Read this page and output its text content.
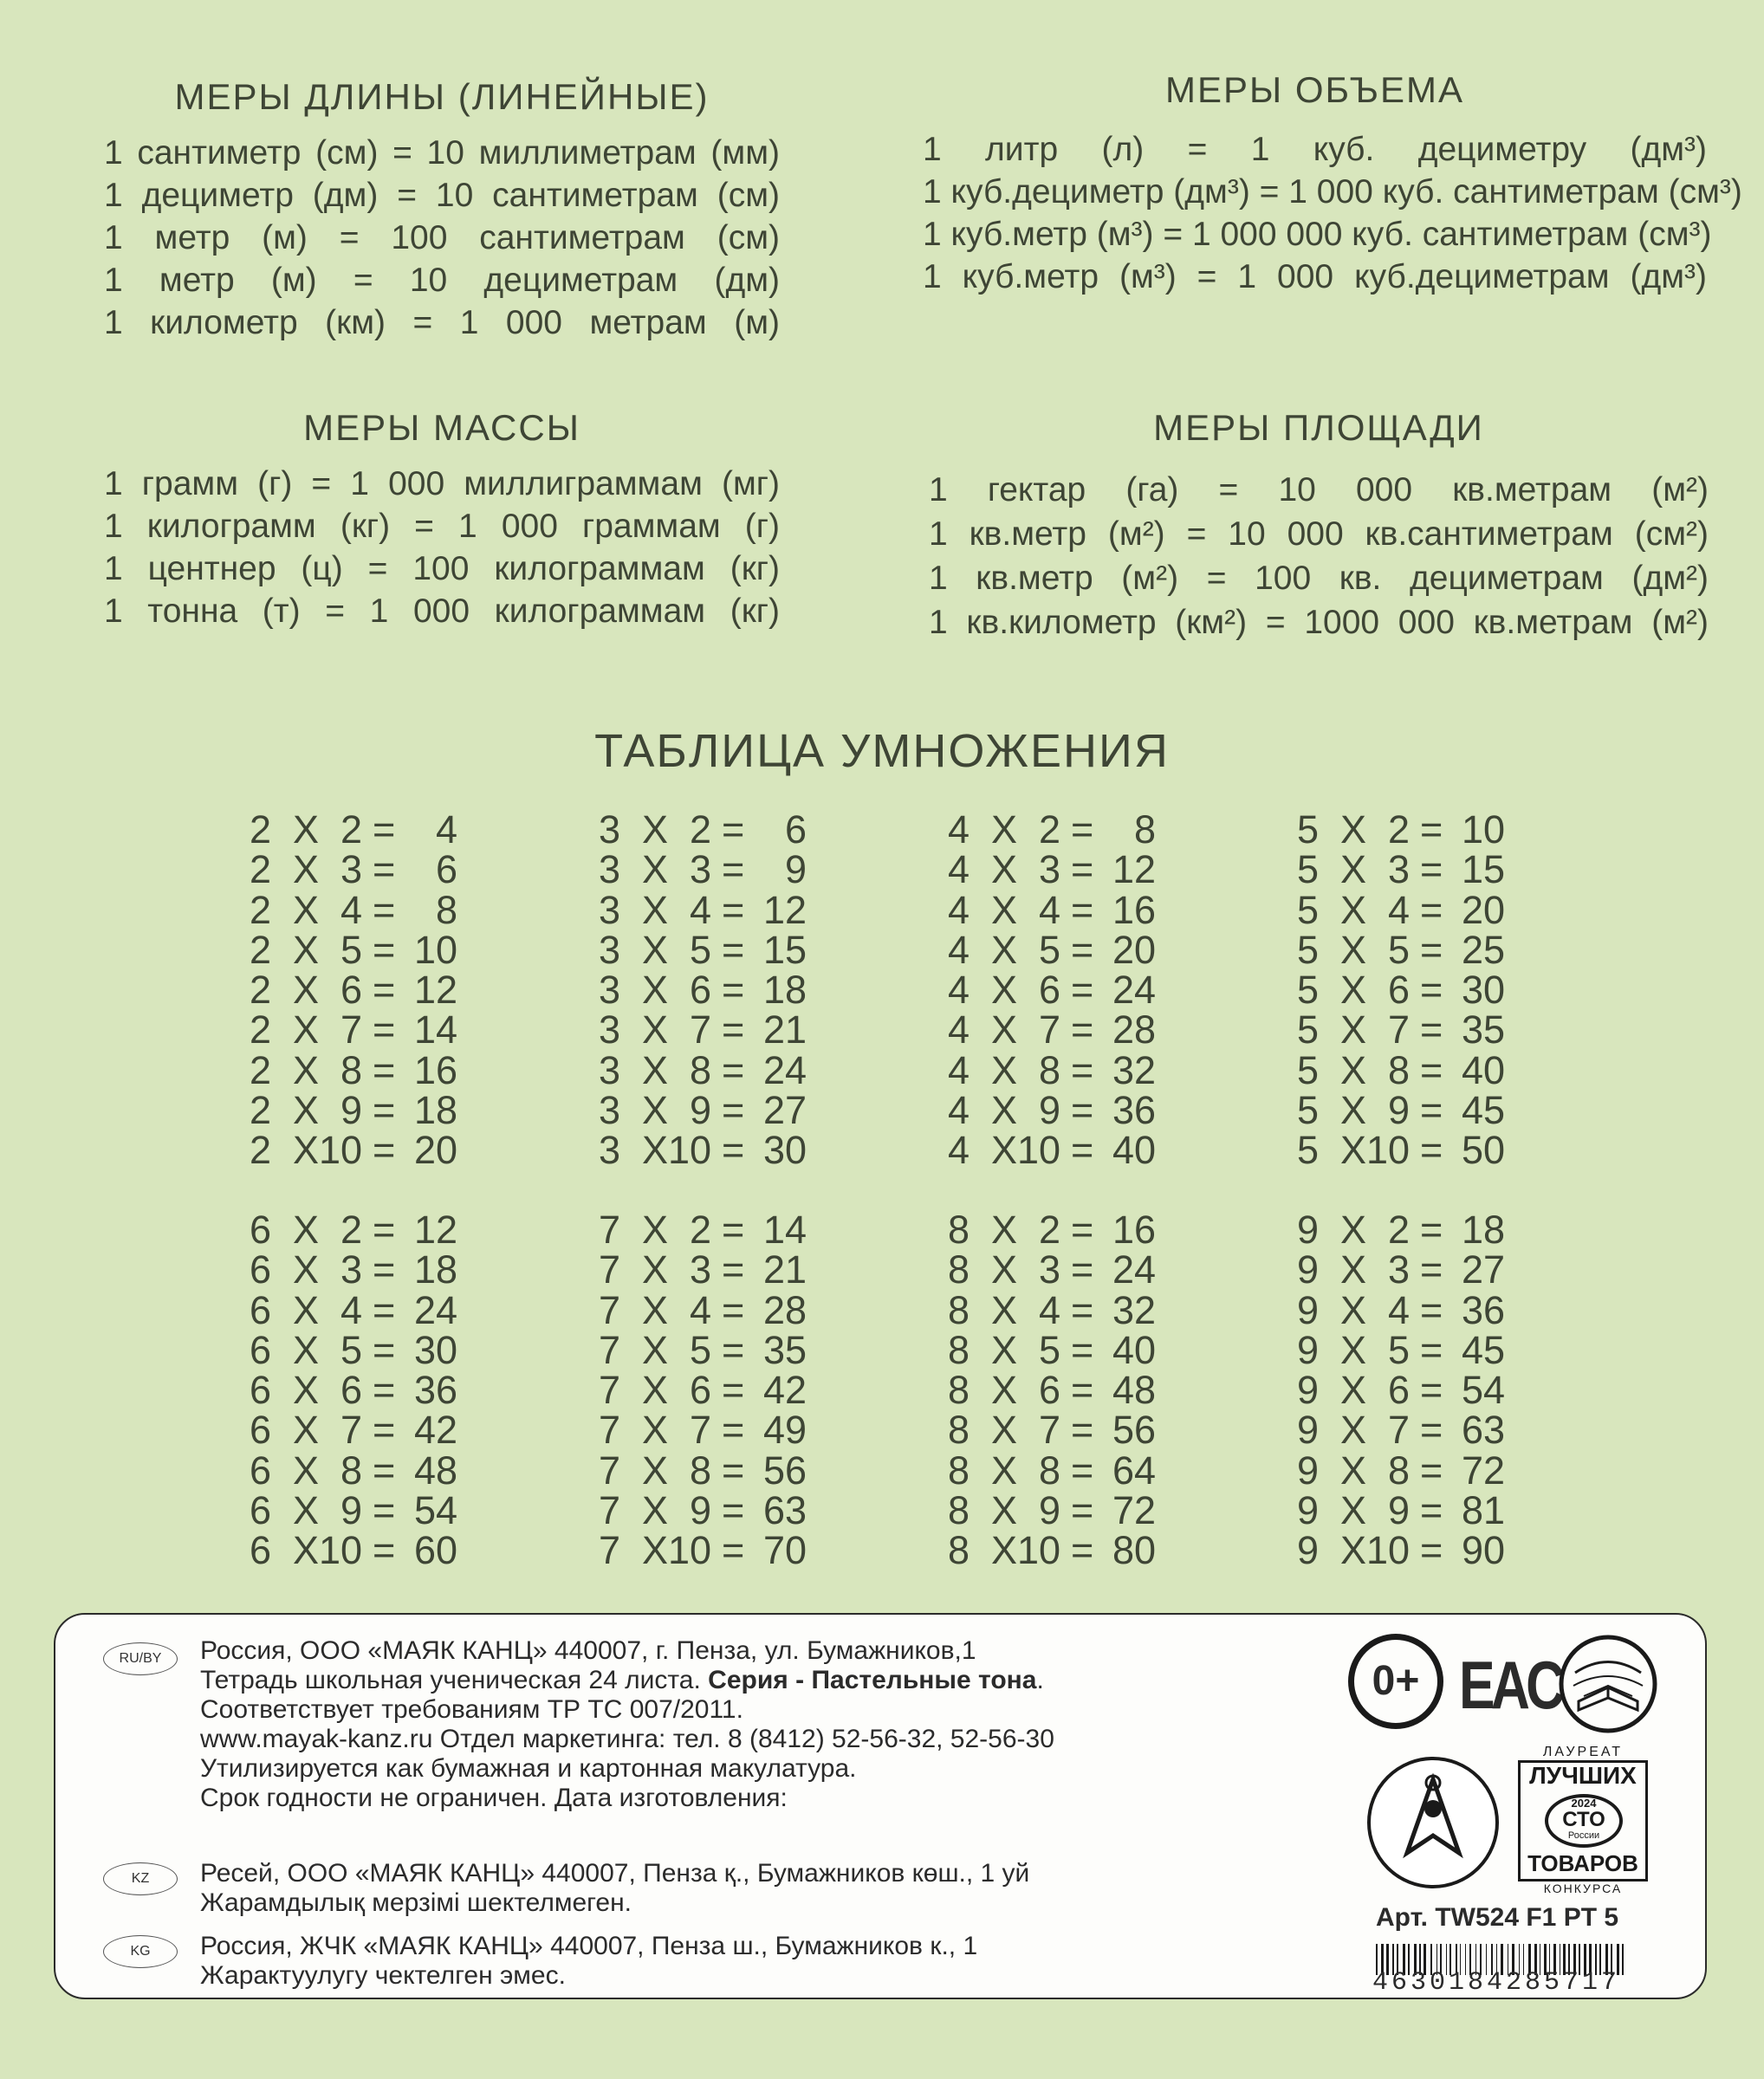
МЕРЫ ДЛИНЫ (ЛИНЕЙНЫЕ)
1 сантиметр (см) = 10 миллиметрам (мм)
1 дециметр (дм) = 10 сантиметрам (см)
1 метр (м) = 100 сантиметрам (см)
1 метр (м) = 10 дециметрам (дм)
1 километр (км) = 1 000 метрам (м)
МЕРЫ ОБЪЕМА
1 литр (л) = 1 куб. дециметру (дм³)
1 куб.дециметр (дм³) = 1 000 куб. сантиметрам (см³)
1 куб.метр (м³) = 1 000 000 куб. сантиметрам (см³)
1 куб.метр (м³) = 1 000 куб.дециметрам (дм³)
МЕРЫ МАССЫ
1 грамм (г) = 1 000 миллиграммам (мг)
1 килограмм (кг) = 1 000 граммам (г)
1 центнер (ц) = 100 килограммам (кг)
1 тонна (т) = 1 000 килограммам (кг)
МЕРЫ ПЛОЩАДИ
1 гектар (га) = 10 000 кв.метрам (м²)
1 кв.метр (м²) = 10 000 кв.сантиметрам (см²)
1 кв.метр (м²) = 100 кв. дециметрам (дм²)
1 кв.километр (км²) = 1000 000 кв.метрам (м²)
ТАБЛИЦА УМНОЖЕНИЯ
2 X 2 = 4
2 X 3 = 6
2 X 4 = 8
2 X 5 = 10
2 X 6 = 12
2 X 7 = 14
2 X 8 = 16
2 X 9 = 18
2 X 10 = 20
3 X 2 = 6
3 X 3 = 9
3 X 4 = 12
3 X 5 = 15
3 X 6 = 18
3 X 7 = 21
3 X 8 = 24
3 X 9 = 27
3 X 10 = 30
4 X 2 = 8
4 X 3 = 12
4 X 4 = 16
4 X 5 = 20
4 X 6 = 24
4 X 7 = 28
4 X 8 = 32
4 X 9 = 36
4 X 10 = 40
5 X 2 = 10
5 X 3 = 15
5 X 4 = 20
5 X 5 = 25
5 X 6 = 30
5 X 7 = 35
5 X 8 = 40
5 X 9 = 45
5 X 10 = 50
6 X 2 = 12
6 X 3 = 18
6 X 4 = 24
6 X 5 = 30
6 X 6 = 36
6 X 7 = 42
6 X 8 = 48
6 X 9 = 54
6 X 10 = 60
7 X 2 = 14
7 X 3 = 21
7 X 4 = 28
7 X 5 = 35
7 X 6 = 42
7 X 7 = 49
7 X 8 = 56
7 X 9 = 63
7 X 10 = 70
8 X 2 = 16
8 X 3 = 24
8 X 4 = 32
8 X 5 = 40
8 X 6 = 48
8 X 7 = 56
8 X 8 = 64
8 X 9 = 72
8 X 10 = 80
9 X 2 = 18
9 X 3 = 27
9 X 4 = 36
9 X 5 = 45
9 X 6 = 54
9 X 7 = 63
9 X 8 = 72
9 X 9 = 81
9 X 10 = 90
RU/BY	Россия, ООО «МАЯК КАНЦ» 440007, г. Пенза, ул. Бумажников,1
Тетрадь школьная ученическая 24 листа. Серия - Пастельные тона.
Соответствует требованиям ТР ТС 007/2011.
www.mayak-kanz.ru Отдел маркетинга: тел. 8 (8412) 52-56-32, 52-56-30
Утилизируется как бумажная и картонная макулатура.
Срок годности не ограничен. Дата изготовления:
KZ	Ресей, ООО «МАЯК КАНЦ» 440007, Пенза қ., Бумажников көш., 1 уй
Жарамдылық мерзімі шектелмеген.
KG	Россия, ЖЧК «МАЯК КАНЦ» 440007, Пенза ш., Бумажников к., 1
Жарактуулугу чектелген эмес.
0+ EAC
ЛАУРЕАТ
ЛУЧШИХ
2024
СТО
России
ТОВАРОВ
КОНКУРСА
Арт. TW524 F1 PT 5
4630184285717
